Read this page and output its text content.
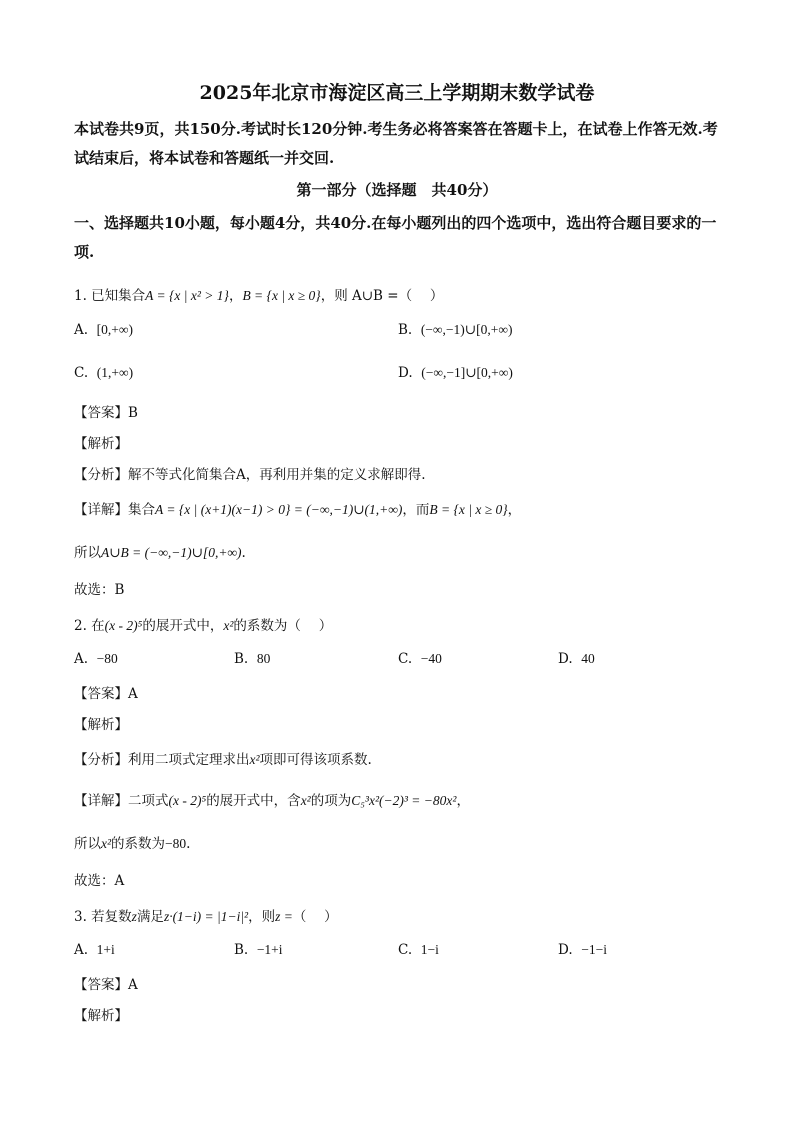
2025年北京市海淀区高三上学期期末数学试卷
本试卷共9页，共150分.考试时长120分钟.考生务必将答案答在答题卡上，在试卷上作答无效.考试结束后，将本试卷和答题纸一并交回.
第一部分（选择题　共40分）
一、选择题共10小题，每小题4分，共40分.在每小题列出的四个选项中，选出符合题目要求的一项.
1. 已知集合A = {x | x² > 1}，B = {x | x ≥ 0}，则 A∪B =（　 ）
A. [0,+∞)	B. (−∞,−1)∪[0,+∞)
C. (1,+∞)	D. (−∞,−1]∪[0,+∞)
【答案】B
【解析】
【分析】解不等式化简集合A，再利用并集的定义求解即得.
【详解】集合A = {x | (x+1)(x−1) > 0} = (−∞,−1)∪(1,+∞)，而B = {x | x ≥ 0}，
所以A∪B = (−∞,−1)∪[0,+∞).
故选：B
2. 在(x - 2)⁵的展开式中，x²的系数为（　 ）
A. −80	B. 80	C. −40	D. 40
【答案】A
【解析】
【分析】利用二项式定理求出x²项即可得该项系数.
【详解】二项式(x - 2)⁵的展开式中，含x²的项为C₅³x²(−2)³ = −80x²，
所以x²的系数为−80.
故选：A
3. 若复数z满足z·(1−i) = |1−i|²，则z =（　 ）
A. 1+i	B. −1+i	C. 1−i	D. −1−i
【答案】A
【解析】
